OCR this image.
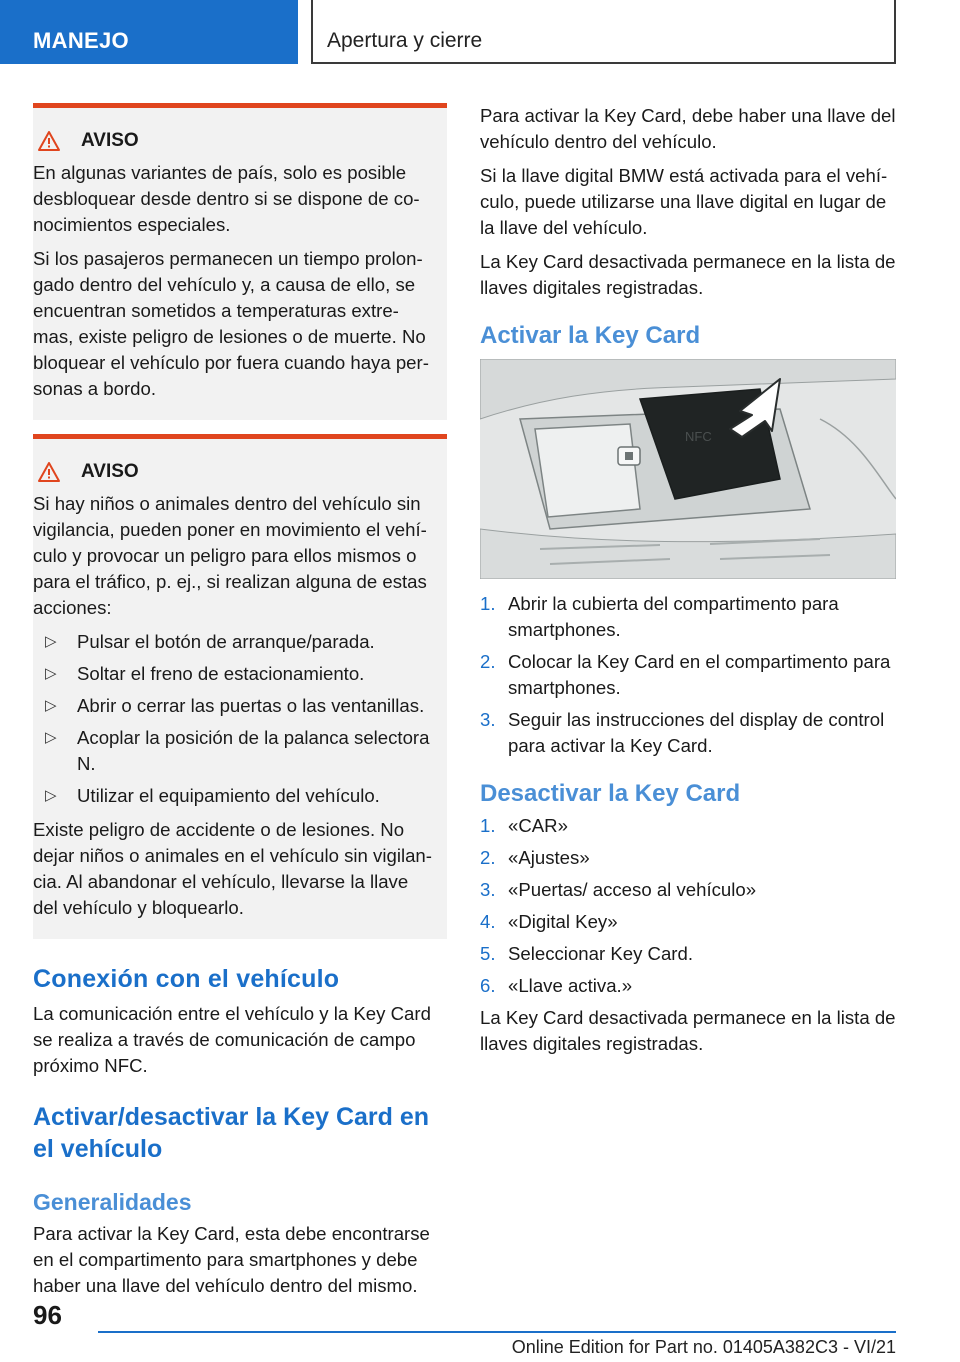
MANEJO	Apertura y cierre
AVISO

En algunas variantes de país, solo es posible desbloquear desde dentro si se dispone de co-nocimientos especiales.

Si los pasajeros permanecen un tiempo prolon-gado dentro del vehículo y, a causa de ello, se encuentran sometidos a temperaturas extre-mas, existe peligro de lesiones o de muerte. No bloquear el vehículo por fuera cuando haya per-sonas a bordo.

AVISO

Si hay niños o animales dentro del vehículo sin vigilancia, pueden poner en movimiento el vehí-culo y provocar un peligro para ellos mismos o para el tráfico, p. ej., si realizan alguna de estas acciones:

▷	Pulsar el botón de arranque/parada.
▷	Soltar el freno de estacionamiento.
▷	Abrir o cerrar las puertas o las ventanillas.
▷	Acoplar la posición de la palanca selectora N.
▷	Utilizar el equipamiento del vehículo.

Existe peligro de accidente o de lesiones. No dejar niños o animales en el vehículo sin vigilan-cia. Al abandonar el vehículo, llevarse la llave del vehículo y bloquearlo.

Conexión con el vehículo

La comunicación entre el vehículo y la Key Card se realiza a través de comunicación de campo próximo NFC.

Activar/desactivar la Key Card en el vehículo
Generalidades

Para activar la Key Card, esta debe encontrarse en el compartimento para smartphones y debe haber una llave del vehículo dentro del mismo.

Para activar la Key Card, debe haber una llave del vehículo dentro del vehículo.

Si la llave digital BMW está activada para el vehí-culo, puede utilizarse una llave digital en lugar de la llave del vehículo.

La Key Card desactivada permanece en la lista de llaves digitales registradas.

Activar la Key Card
NFC
1. Abrir la cubierta del compartimento para smartphones.
2. Colocar la Key Card en el compartimento para smartphones.
3. Seguir las instrucciones del display de control para activar la Key Card.
Desactivar la Key Card
1. «CAR»
2. «Ajustes»
3. «Puertas/ acceso al vehículo»
4. «Digital Key»
5. Seleccionar Key Card.
6. «Llave activa.»

La Key Card desactivada permanece en la lista de llaves digitales registradas.

96
Online Edition for Part no. 01405A382C3 - VI/21
